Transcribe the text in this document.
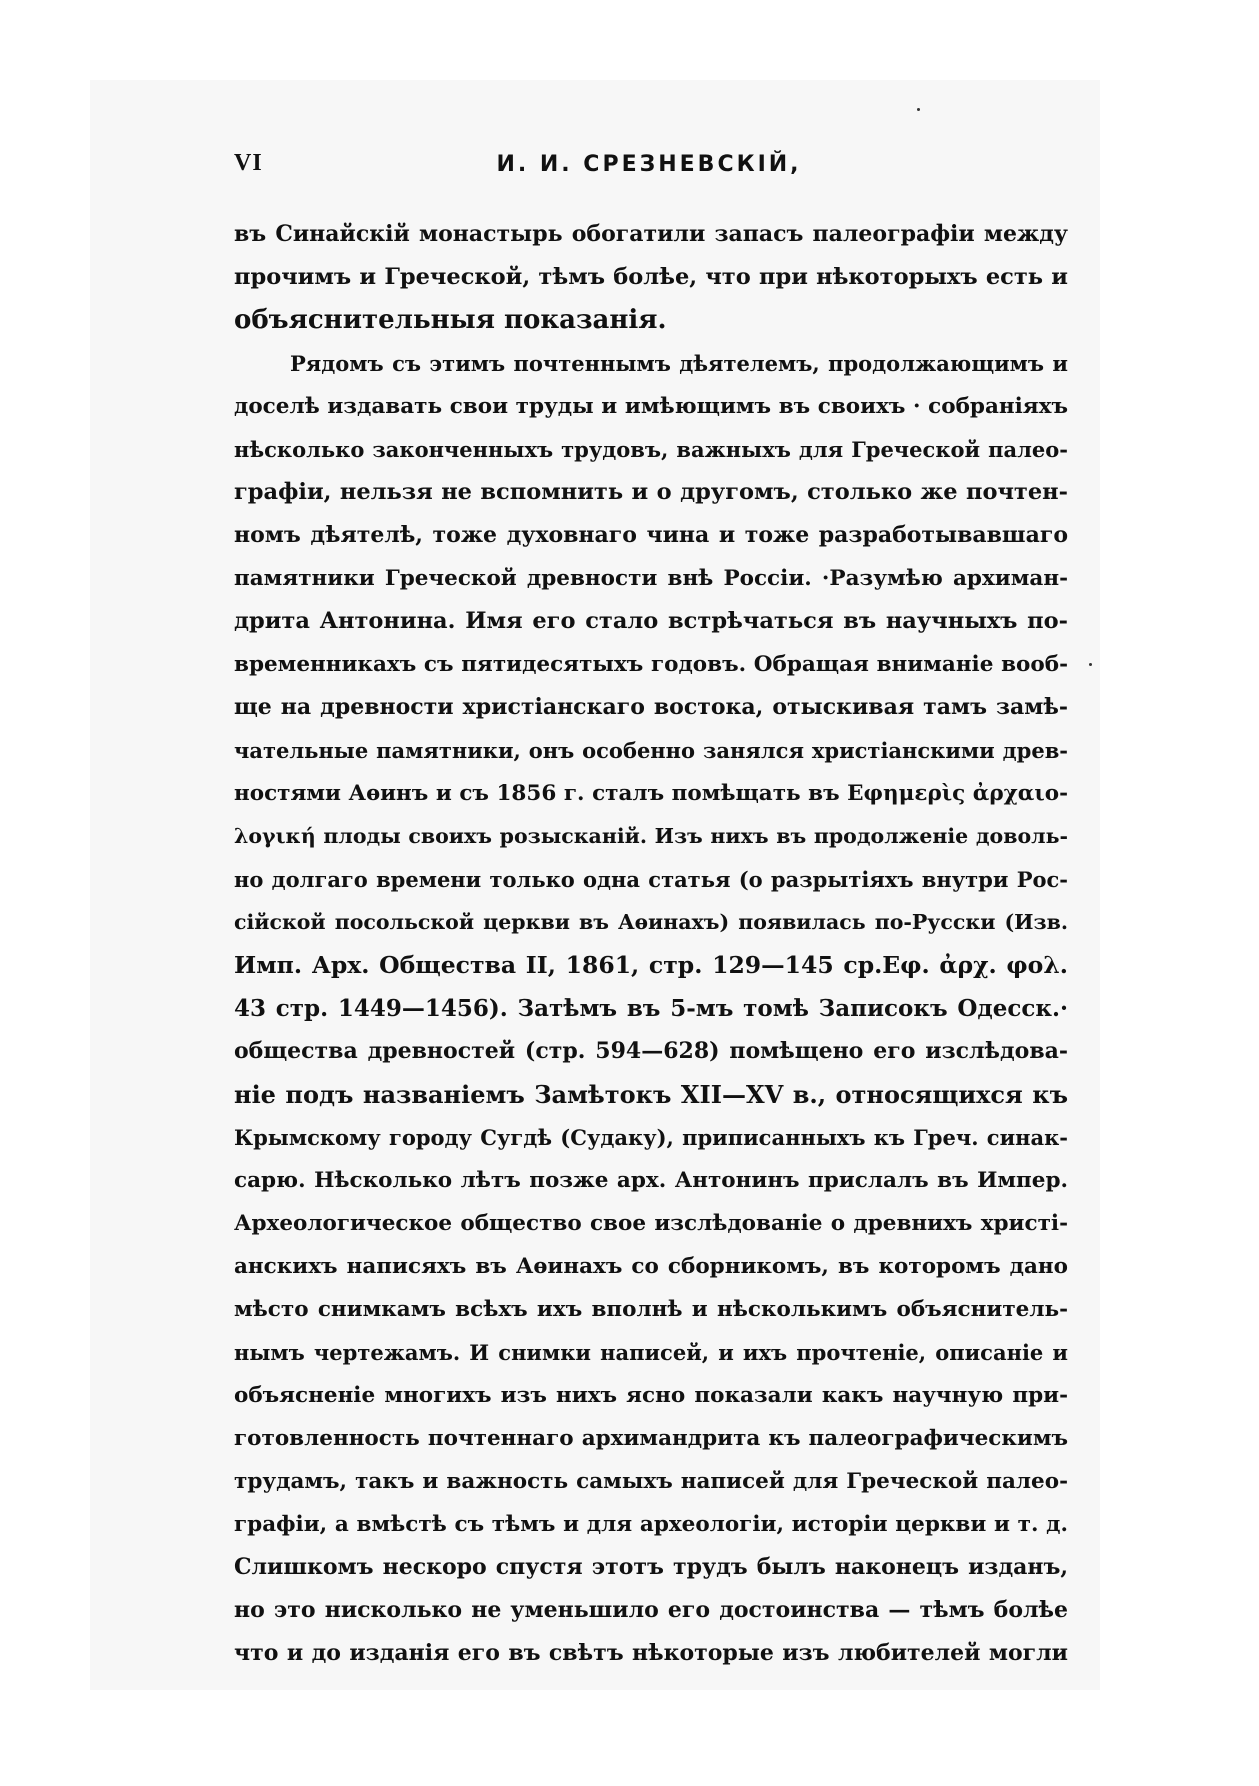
VI	И. И. СРЕЗНЕВСКІЙ,
въ Синайскій монастырь обогатили запасъ палеографіи между
прочимъ и Греческой, тѣмъ болѣе, что при нѣкоторыхъ есть и
объяснительныя показанія.
Рядомъ съ этимъ почтеннымъ дѣятелемъ, продолжающимъ и
доселѣ издавать свои труды и имѣющимъ въ своихъ · собраніяхъ
нѣсколько законченныхъ трудовъ, важныхъ для Греческой палео-
графіи, нельзя не вспомнить и о другомъ, столько же почтен-
номъ дѣятелѣ, тоже духовнаго чина и тоже разработывавшаго
памятники Греческой древности внѣ Россіи. ·Разумѣю архиман-
дрита Антонина. Имя его стало встрѣчаться въ научныхъ по-
временникахъ съ пятидесятыхъ годовъ. Обращая вниманіе вооб-
ще на древности христіанскаго востока, отыскивая тамъ замѣ-
чательные памятники, онъ особенно занялся христіанскими древ-
ностями Аѳинъ и съ 1856 г. сталъ помѣщать въ Εφημερὶς ἀρχαιο-
λογική плоды своихъ розысканій. Изъ нихъ въ продолженіе доволь-
но долгаго времени только одна статья (о разрытіяхъ внутри Рос-
сійской посольской церкви въ Аѳинахъ) появилась по-Русски (Изв.
Имп. Арх. Общества II, 1861, стр. 129—145 ср.Εφ. ἀρχ. φολ.
43 стр. 1449—1456). Затѣмъ въ 5-мъ томѣ Записокъ Одесск.·
общества древностей (стр. 594—628) помѣщено его изслѣдова-
ніе подъ названіемъ Замѣтокъ XII—XV в., относящихся къ
Крымскому городу Сугдѣ (Судаку), приписанныхъ къ Греч. синак-
сарю. Нѣсколько лѣтъ позже арх. Антонинъ прислалъ въ Импер.
Археологическое общество свое изслѣдованіе о древнихъ христі-
анскихъ написяхъ въ Аѳинахъ со сборникомъ, въ которомъ дано
мѣсто снимкамъ всѣхъ ихъ вполнѣ и нѣсколькимъ объяснитель-
нымъ чертежамъ. И снимки написей, и ихъ прочтеніе, описаніе и
объясненіе многихъ изъ нихъ ясно показали какъ научную при-
готовленность почтеннаго архимандрита къ палеографическимъ
трудамъ, такъ и важность самыхъ написей для Греческой палео-
графіи, а вмѣстѣ съ тѣмъ и для археологіи, исторіи церкви и т. д.
Слишкомъ нескоро спустя этотъ трудъ былъ наконецъ изданъ,
но это нисколько не уменьшило его достоинства — тѣмъ болѣе
что и до изданія его въ свѣтъ нѣкоторые изъ любителей могли
